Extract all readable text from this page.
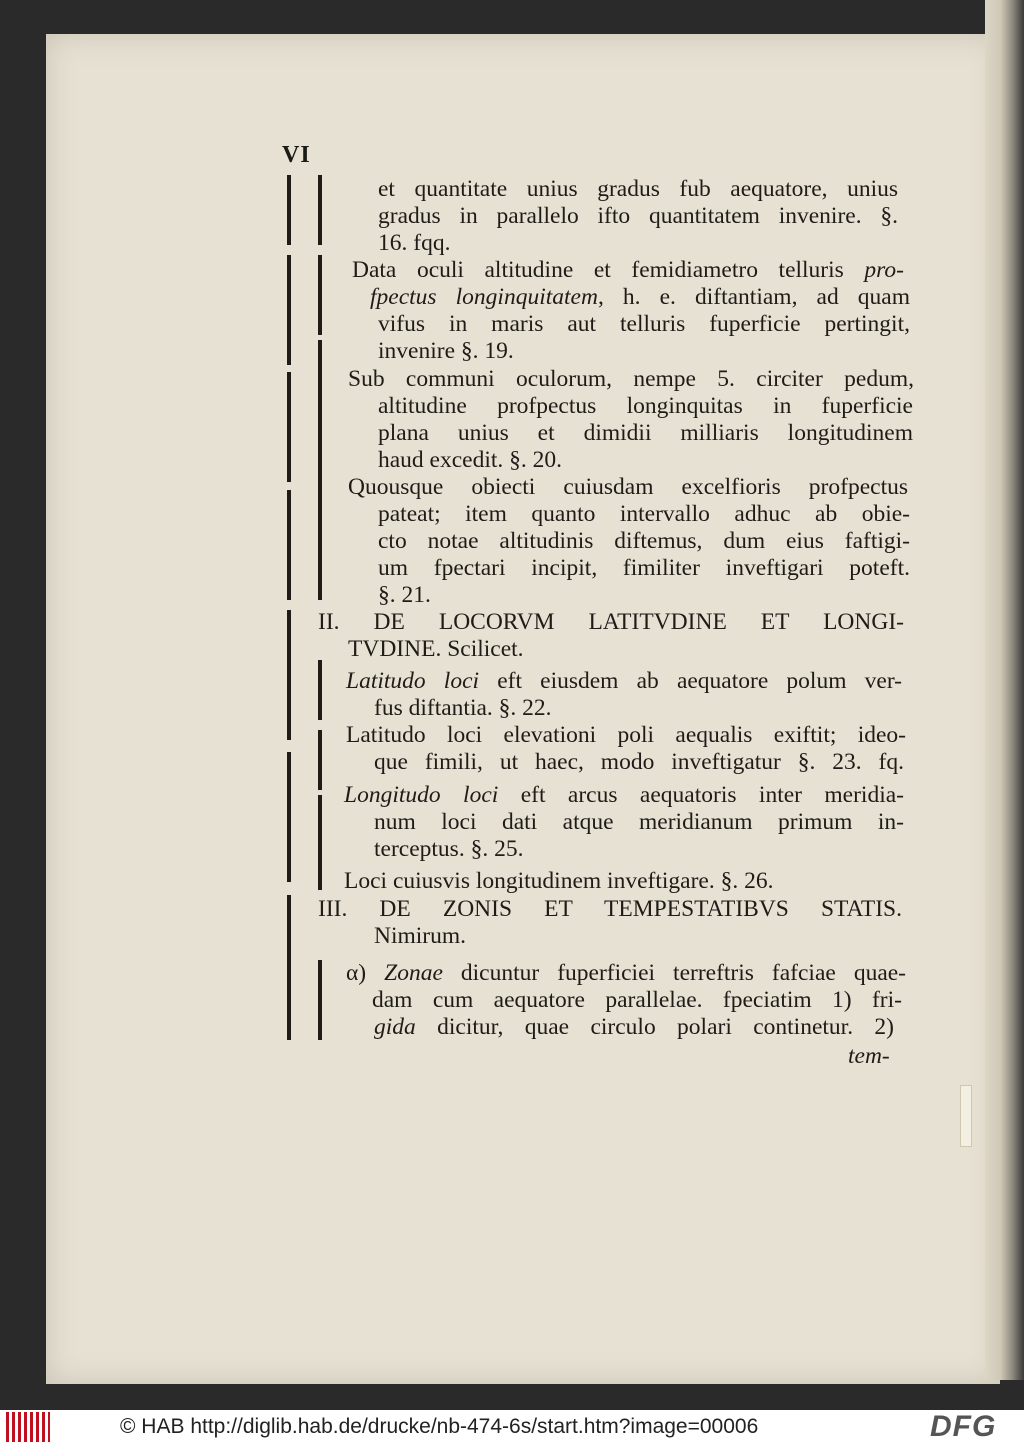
VI
et quantitate unius gradus fub aequatore, unius
gradus in parallelo ifto quantitatem invenire. §.
16. fqq.
Data oculi altitudine et femidiametro telluris pro-
fpectus longinquitatem, h. e. diftantiam, ad quam
vifus in maris aut telluris fuperficie pertingit,
invenire §. 19.
Sub communi oculorum, nempe 5. circiter pedum,
altitudine profpectus longinquitas in fuperficie
plana unius et dimidii milliaris longitudinem
haud excedit. §. 20.
Quousque obiecti cuiusdam excelfioris profpectus
pateat; item quanto intervallo adhuc ab obie-
cto notae altitudinis diftemus, dum eius faftigi-
um fpectari incipit, fimiliter inveftigari poteft.
§. 21.
II. DE LOCORVM LATITVDINE ET LONGI-
TVDINE. Scilicet.
Latitudo loci eft eiusdem ab aequatore polum ver-
fus diftantia. §. 22.
Latitudo loci elevationi poli aequalis exiftit; ideo-
que fimili, ut haec, modo inveftigatur §. 23. fq.
Longitudo loci eft arcus aequatoris inter meridia-
num loci dati atque meridianum primum in-
terceptus. §. 25.
Loci cuiusvis longitudinem inveftigare. §. 26.
III. DE ZONIS ET TEMPESTATIBVS STATIS.
Nimirum.
α) Zonae dicuntur fuperficiei terreftris fafciae quae-
dam cum aequatore parallelae. fpeciatim 1) fri-
gida dicitur, quae circulo polari continetur. 2)
tem-
© HAB http://diglib.hab.de/drucke/nb-474-6s/start.htm?image=00006	DFG
